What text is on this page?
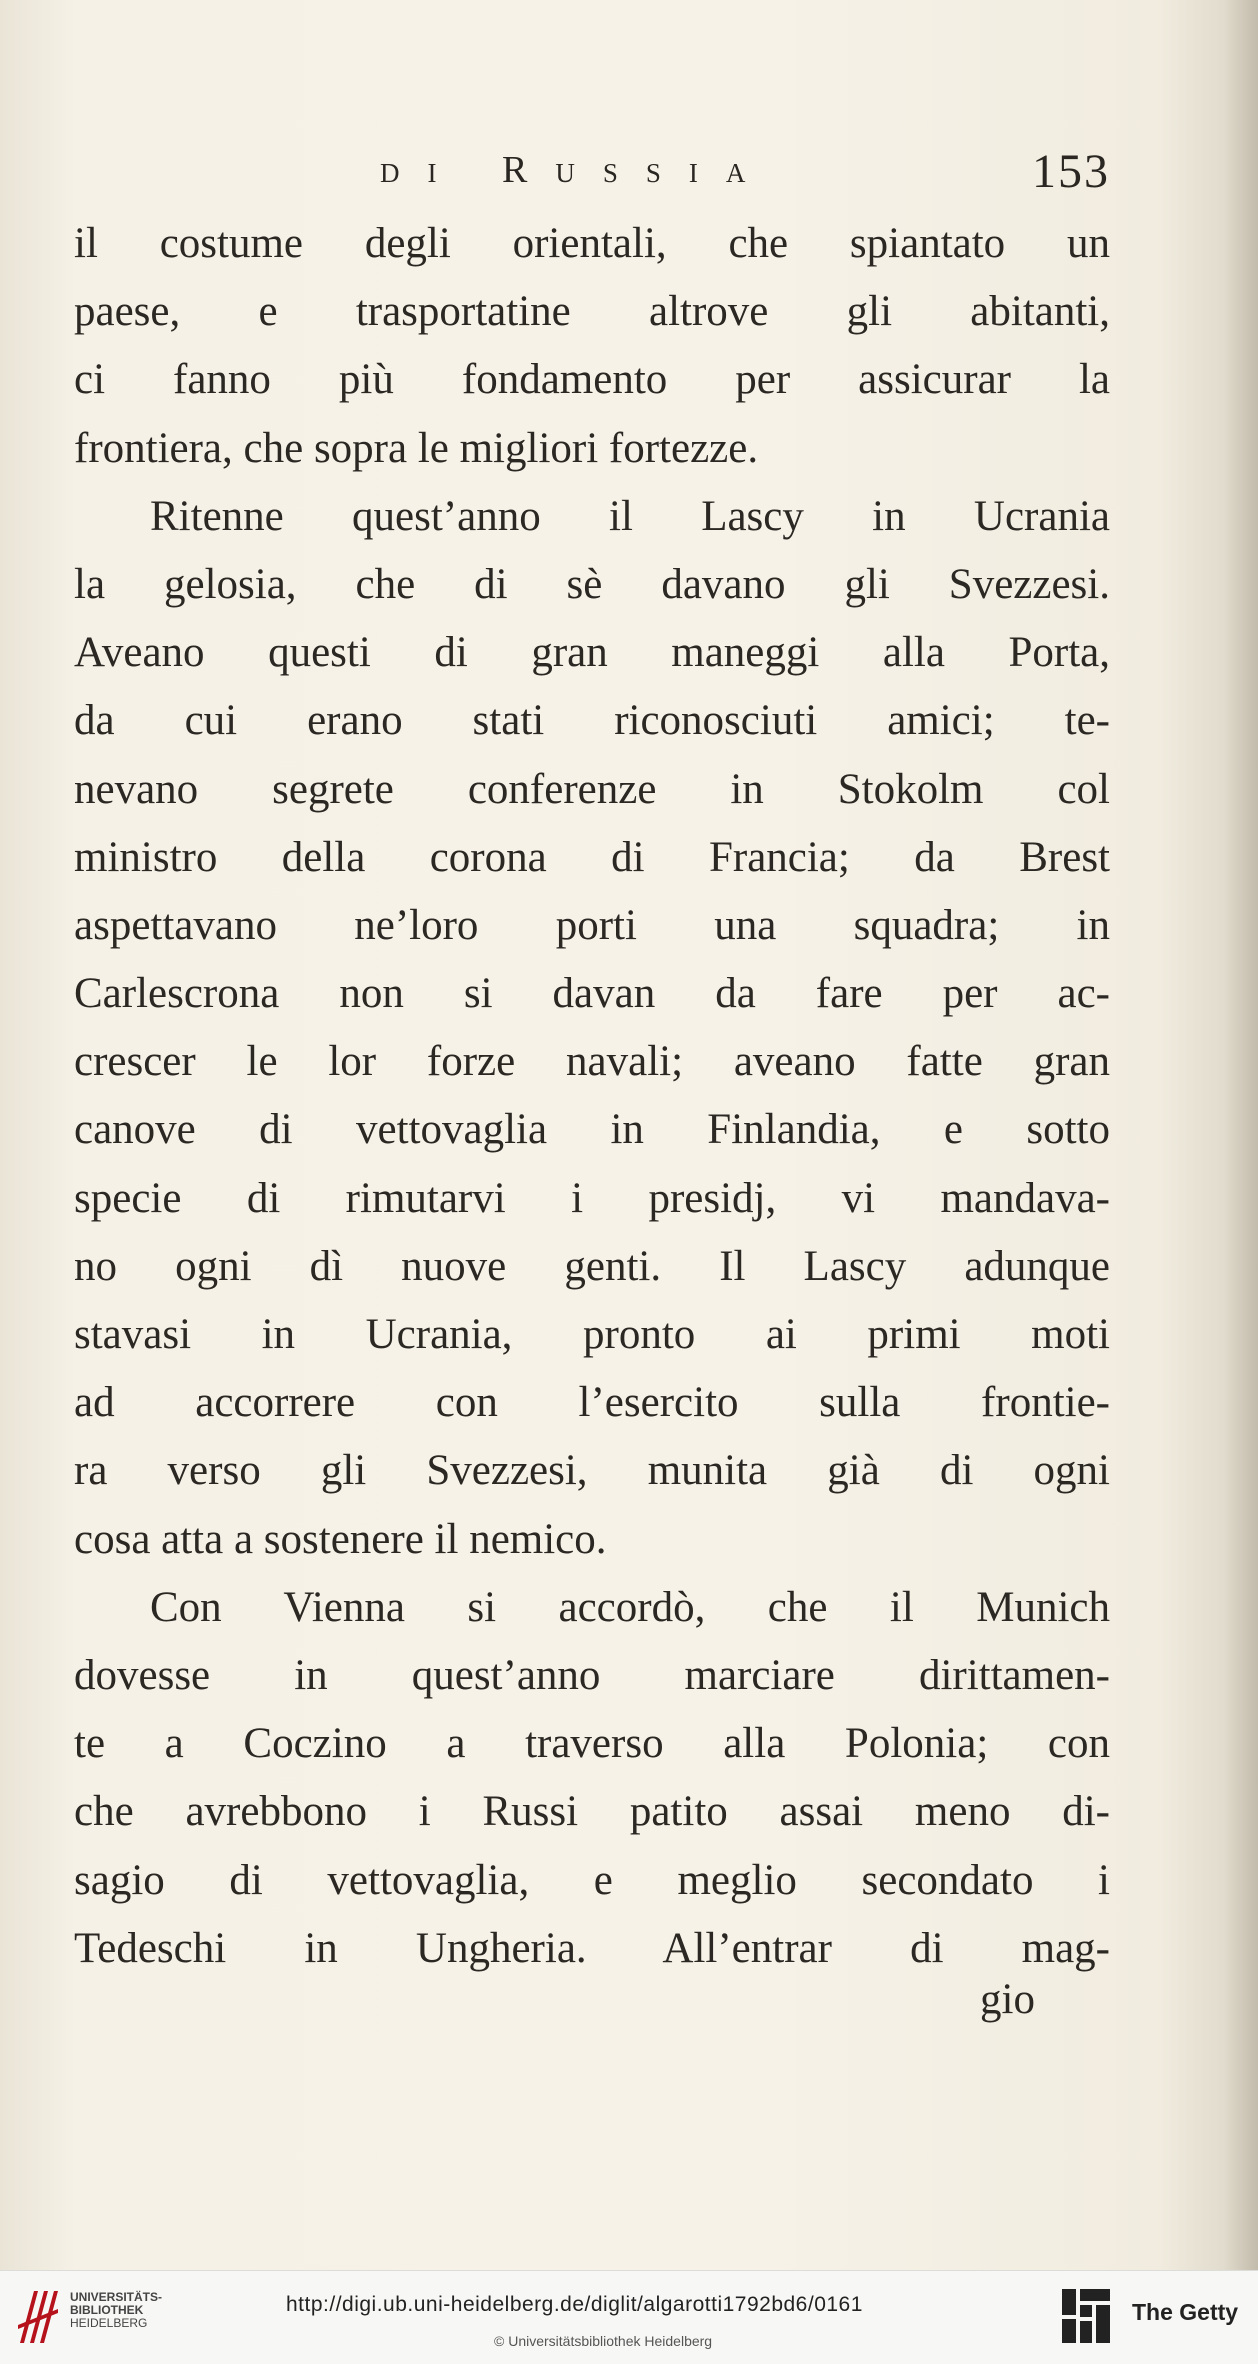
di Russia	153
il costume degli orientali, che spiantato un
paese, e trasportatine altrove gli abitanti,
ci fanno più fondamento per assicurar la
frontiera, che sopra le migliori fortezze.
Ritenne quest’anno il Lascy in Ucrania
la gelosia, che di sè davano gli Svezzesi.
Aveano questi di gran maneggi alla Porta,
da cui erano stati riconosciuti amici; te-
nevano segrete conferenze in Stokolm col
ministro della corona di Francia; da Brest
aspettavano ne’loro porti una squadra; in
Carlescrona non si davan da fare per ac-
crescer le lor forze navali; aveano fatte gran
canove di vettovaglia in Finlandia, e sotto
specie di rimutarvi i presidj, vi mandava-
no ogni dì nuove genti. Il Lascy adunque
stavasi in Ucrania, pronto ai primi moti
ad accorrere con l’esercito sulla frontie-
ra verso gli Svezzesi, munita già di ogni
cosa atta a sostenere il nemico.
Con Vienna si accordò, che il Munich
dovesse in quest’anno marciare dirittamen-
te a Coczino a traverso alla Polonia; con
che avrebbono i Russi patito assai meno di-
sagio di vettovaglia, e meglio secondato i
Tedeschi in Ungheria. All’entrar di mag-
gio
UNIVERSITÄTS-
BIBLIOTHEK
HEIDELBERG
http://digi.ub.uni-heidelberg.de/diglit/algarotti1792bd6/0161
© Universitätsbibliothek Heidelberg
The Getty
